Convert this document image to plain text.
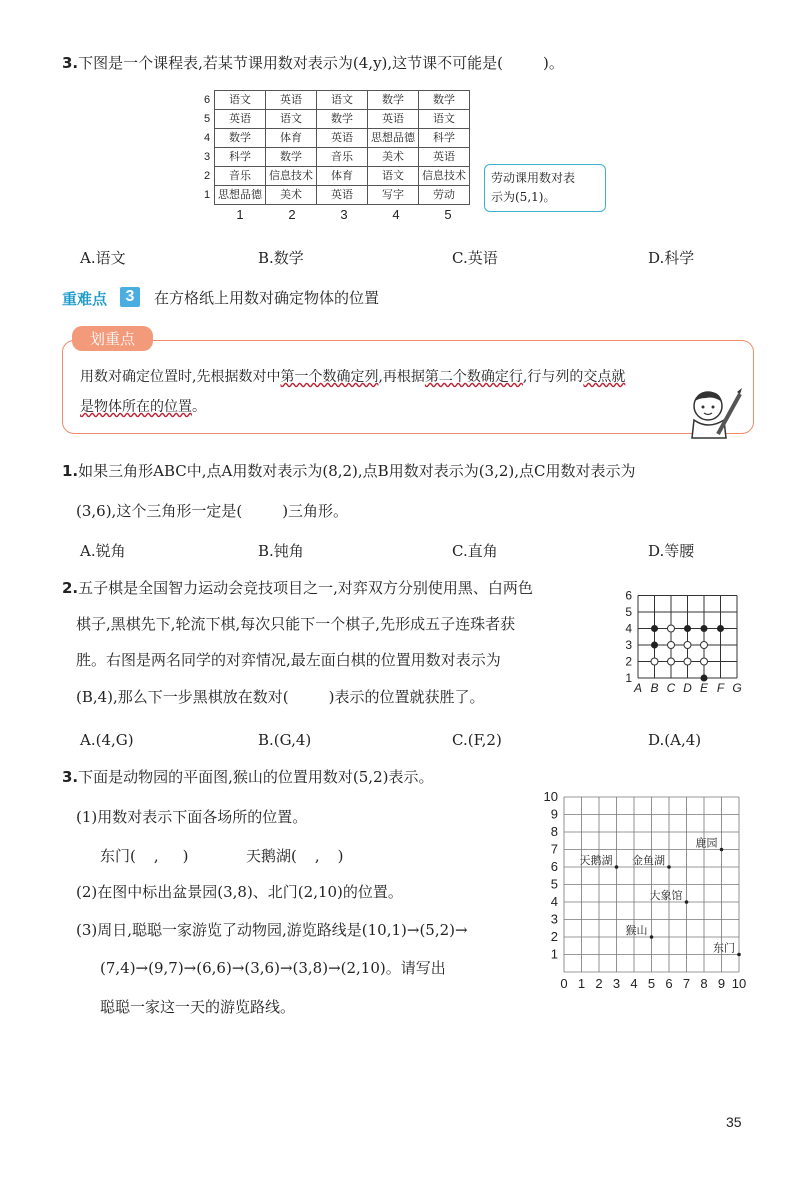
3.下图是一个课程表,若某节课用数对表示为(4,y),这节课不可能是(	)。
6	语文	英语	语文	数学	数学
5	英语	语文	数学	英语	语文
4	数学	体育	英语	思想品德	科学
3	科学	数学	音乐	美术	英语
2	音乐	信息技术	体育	语文	信息技术
1	思想品德	美术	英语	写字	劳动
1	2	3	4	5
劳动课用数对表
示为(5,1)。
A.语文	B.数学	C.英语	D.科学
重难点	3	在方格纸上用数对确定物体的位置
划重点
用数对确定位置时,先根据数对中第一个数确定列,再根据第二个数确定行,行与列的交点就
是物体所在的位置。
1.如果三角形ABC中,点A用数对表示为(8,2),点B用数对表示为(3,2),点C用数对表示为
(3,6),这个三角形一定是(	)三角形。
A.锐角	B.钝角	C.直角	D.等腰
2.五子棋是全国智力运动会竞技项目之一,对弈双方分别使用黑、白两色
棋子,黑棋先下,轮流下棋,每次只能下一个棋子,先形成五子连珠者获
胜。右图是两名同学的对弈情况,最左面白棋的位置用数对表示为
(B,4),那么下一步黑棋放在数对(	)表示的位置就获胜了。	A B C D E F G
1
2
3
4
5
6
A.(4,G)	B.(G,4)	C.(F,2)	D.(A,4)
3.下面是动物园的平面图,猴山的位置用数对(5,2)表示。
(1)用数对表示下面各场所的位置。
东门( , )	天鹅湖( , )
(2)在图中标出盆景园(3,8)、北门(2,10)的位置。
(3)周日,聪聪一家游览了动物园,游览路线是(10,1)→(5,2)→
(7,4)→(9,7)→(6,6)→(3,6)→(3,8)→(2,10)。请写出
聪聪一家这一天的游览路线。
0 1
1
2
2
3
3
4
4
5
5
6
6
7
7
8
8
9
9
10
10
天鹅湖 金鱼湖
鹿园
大象馆
猴山
东门
35
